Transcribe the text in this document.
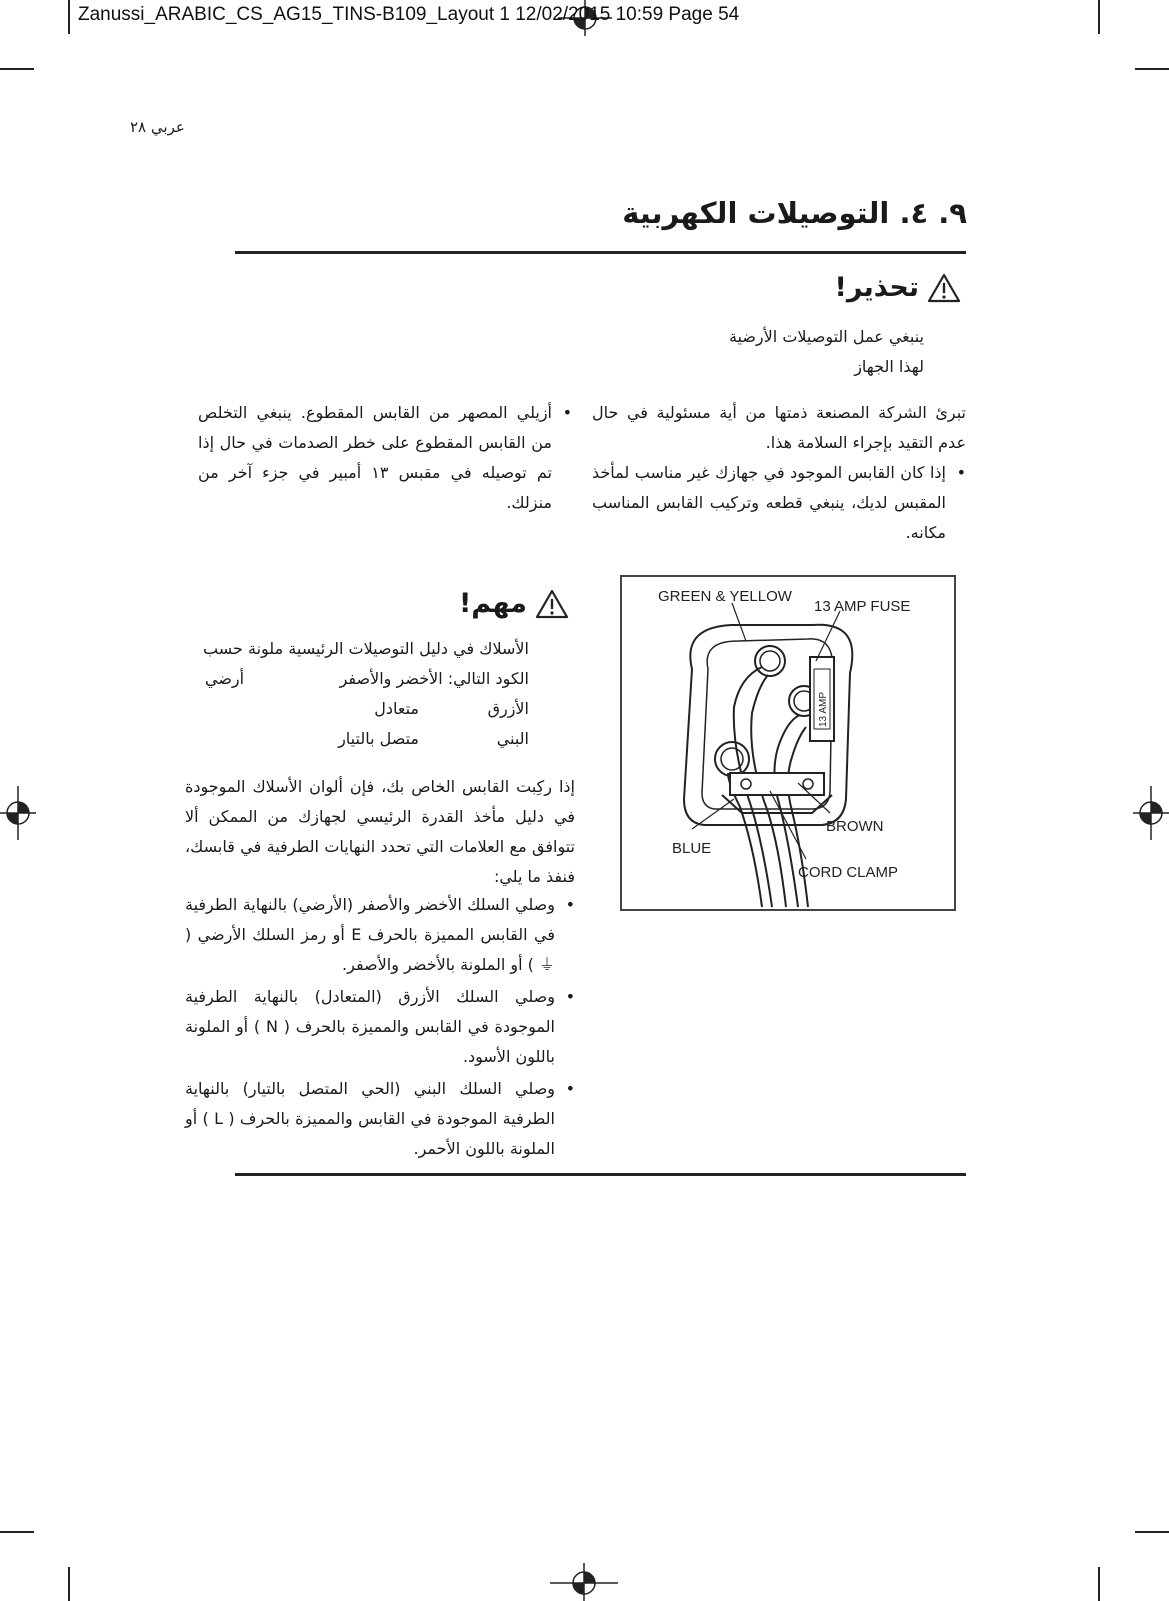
Zanussi_ARABIC_CS_AG15_TINS-B109_Layout 1 12/02/2015 10:59 Page 54
عربي ٢٨
٩. ٤. التوصيلات الكهربية
تحذير!
ينبغي عمل التوصيلات الأرضية لهذا الجهاز
تبرئ الشركة المصنعة ذمتها من أية مسئولية في حال عدم التقيد بإجراء السلامة هذا.
•
إذا كان القابس الموجود في جهازك غير مناسب لمأخذ المقبس لديك، ينبغي قطعه وتركيب القابس المناسب مكانه.
•
أزيلي المصهر من القابس المقطوع. ينبغي التخلص من القابس المقطوع على خطر الصدمات في حال إذا تم توصيله في مقبس ١٣ أمبير في جزء آخر من منزلك.
مهم!
الأسلاك في دليل التوصيلات الرئيسية ملونة حسب الكود التالي: الأخضر والأصفر
أرضي
الأزرق
متعادل
البني
متصل بالتيار
إذا ركِبت القابس الخاص بك، فإن ألوان الأسلاك الموجودة في دليل مأخذ القدرة الرئيسي لجهازك من الممكن ألا تتوافق مع العلامات التي تحدد النهايات الطرفية في قابسك، فنفذ ما يلي:
•
وصلي السلك الأخضر والأصفر (الأرضي) بالنهاية الطرفية في القابس المميزة بالحرف E أو رمز السلك الأرضي ( ⏚ ) أو الملونة بالأخضر والأصفر.
•
وصلي السلك الأزرق (المتعادل) بالنهاية الطرفية الموجودة في القابس والمميزة بالحرف ( N ) أو الملونة باللون الأسود.
•
وصلي السلك البني (الحي المتصل بالتيار) بالنهاية الطرفية الموجودة في القابس والمميزة بالحرف ( L ) أو الملونة باللون الأحمر.
13 AMP
GREEN & YELLOW
13 AMP FUSE
BROWN
BLUE
CORD CLAMP
